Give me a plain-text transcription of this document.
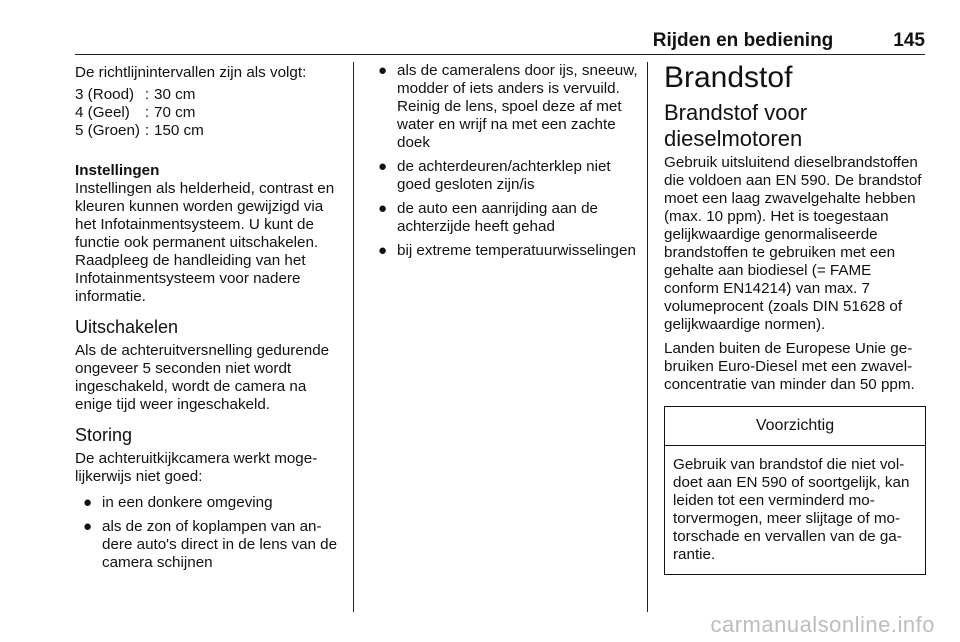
Rijden en bediening	145

De richtlijnintervallen zijn als volgt:

3 (Rood) : 30 cm
4 (Geel) : 70 cm
5 (Groen) : 150 cm

Instellingen

Instellingen als helderheid, contrast en kleuren kunnen worden gewijzigd via het Infotainmentsysteem. U kunt de functie ook permanent uitschakelen. Raadpleeg de handleiding van het Infotainmentsysteem voor nadere informatie.

Uitschakelen

Als de achteruitversnelling gedurende ongeveer 5 seconden niet wordt ingeschakeld, wordt de camera na enige tijd weer ingeschakeld.

Storing

De achteruitkijkcamera werkt mogelijkerwijs niet goed:

● in een donkere omgeving
● als de zon of koplampen van andere auto's direct in de lens van de camera schijnen
● als de cameralens door ijs, sneeuw, modder of iets anders is vervuild. Reinig de lens, spoel deze af met water en wrijf na met een zachte doek
● de achterdeuren/achterklep niet goed gesloten zijn/is
● de auto een aanrijding aan de achterzijde heeft gehad
● bij extreme temperatuurwisselingen

Brandstof

Brandstof voor dieselmotoren

Gebruik uitsluitend dieselbrandstoffen die voldoen aan EN 590. De brandstof moet een laag zwavelgehalte hebben (max. 10 ppm). Het is toegestaan gelijkwaardige genormaliseerde brandstoffen te gebruiken met een gehalte aan biodiesel (= FAME conform EN14214) van max. 7 volumeprocent (zoals DIN 51628 of gelijkwaardige normen).

Landen buiten de Europese Unie gebruiken Euro-Diesel met een zwavelconcentratie van minder dan 50 ppm.

Voorzichtig
Gebruik van brandstof die niet voldoet aan EN 590 of soortgelijk, kan leiden tot een verminderd motorvermogen, meer slijtage of motorschade en vervallen van de garantie.
carmanualsonline.info
